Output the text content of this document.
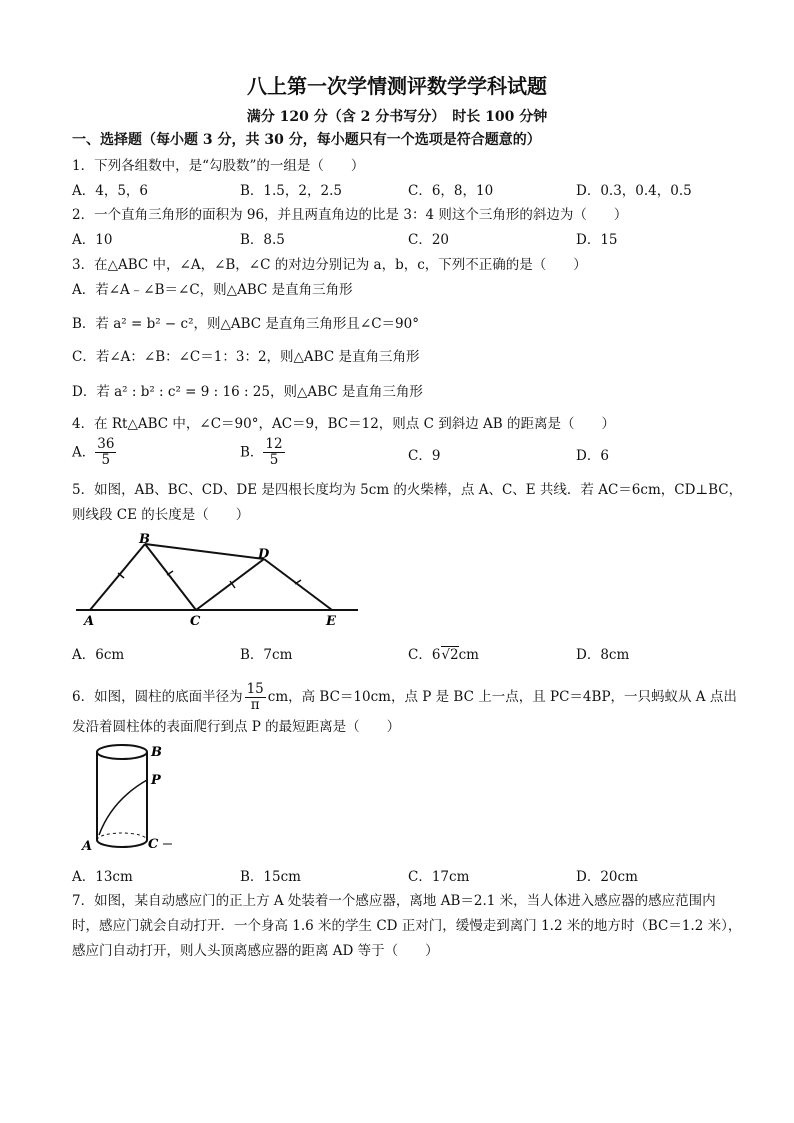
八上第一次学情测评数学学科试题
满分 120 分（含 2 分书写分）　时长 100 分钟
一、选择题（每小题 3 分，共 30 分，每小题只有一个选项是符合题意的）
1．下列各组数中，是“勾股数”的一组是（　　）
A．4，5，6	B．1.5，2，2.5	C．6，8，10	D．0.3，0.4，0.5
2．一个直角三角形的面积为 96，并且两直角边的比是 3：4 则这个三角形的斜边为（　　）
A．10	B．8.5	C．20	D．15
3．在△ABC 中，∠A，∠B，∠C 的对边分别记为 a，b，c，下列不正确的是（　　）
A．若∠A﹣∠B＝∠C，则△ABC 是直角三角形
B．若 a² = b² − c²，则△ABC 是直角三角形且∠C＝90°
C．若∠A：∠B：∠C＝1：3：2，则△ABC 是直角三角形
D．若 a² : b² : c² = 9 : 16 : 25，则△ABC 是直角三角形
4．在 Rt△ABC 中，∠C＝90°，AC＝9，BC＝12，则点 C 到斜边 AB 的距离是（　　）
A． $\frac{36}{5}$	B． $\frac{12}{5}$	C．9	D．6
5．如图，AB、BC、CD、DE 是四根长度均为 5cm 的火柴棒，点 A、C、E 共线．若 AC＝6cm，CD⊥BC，
则线段 CE 的长度是（　　）
A
B
C
D
E
A．6cm	B．7cm	C．6√2cm	D．8cm
6．如图，圆柱的底面半径为 $\frac{15}{\pi}$ cm，高 BC＝10cm，点 P 是 BC 上一点，且 PC＝4BP，一只蚂蚁从 A 点出
发沿着圆柱体的表面爬行到点 P 的最短距离是（　　）
B
P
A	C
A．13cm	B．15cm	C．17cm	D．20cm
7．如图，某自动感应门的正上方 A 处装着一个感应器，离地 AB＝2.1 米，当人体进入感应器的感应范围内
时，感应门就会自动打开．一个身高 1.6 米的学生 CD 正对门，缓慢走到离门 1.2 米的地方时（BC＝1.2 米），
感应门自动打开，则人头顶离感应器的距离 AD 等于（　　）
